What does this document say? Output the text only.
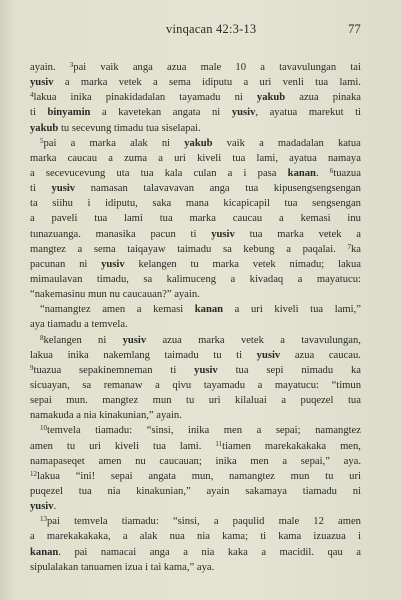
vinqacan 42:3-13	77
ayain. $^3$pai vaik anga azua male 10 a tavavulungan tai
yusiv a marka vetek a sema idiputu a uri venli tua lami.
$^4$lakua inika pinakidadalan tayamadu ni yakub azua pinaka
ti binyamin a kavetekan angata ni yusiv, ayatua marekut ti
yakub
tu
secevung
timadu
tua
siselapai.
$^5$pai a marka alak ni yakub vaik a madadalan katua
marka caucau a zuma a uri kiveli tua lami, ayatua namaya
a secevucevung uta tua kala culan a i pasa kanan. $^6$tuazua
ti yusiv namasan talavavavan anga tua kipusengsengsengan
ta siihu i idiputu, saka mana kicapicapil tua sengsengan
a paveli tua lami tua marka caucau a kemasi inu
tunazuanga. manasika pacun ti yusiv tua marka vetek a
mangtez a sema taiqayaw taimadu sa kebung a paqalai. $^7$ka
pacunan ni yusiv kelangen tu marka vetek nimadu; lakua
mimaulavan timadu, sa kalimuceng a kivadaq a mayatucu:
“nakemasinu
mun
nu
caucauan?”
ayain.
“namangtez amen a kemasi kanan a uri kiveli tua lami,”
aya
tiamadu
a
temvela.
$^8$kelangen ni yusiv azua marka vetek a tavavulungan,
lakua inika nakemlang taimadu tu ti yusiv azua caucau.
$^9$tuazua sepakinemneman ti yusiv tua sepi nimadu ka
sicuayan, sa remanaw a qivu tayamadu a mayatucu: “timun
sepai mun. mangtez mun tu uri kilaluai a puqezel tua
namakuda
a
nia
kinakunian,”
ayain.
$^{10}$temvela tiamadu: “sinsi, inika men a sepai; namangtez
amen tu uri kiveli tua lami. $^{11}$tiamen marekakakaka men,
namapaseqet amen nu caucauan; inika men a sepai,” aya.
$^{12}$lakua “ini! sepai angata mun, namangtez mun tu uri
puqezel tua nia kinakunian,” ayain sakamaya tiamadu ni
yusiv.
$^{13}$pai temvela tiamadu: “sinsi, a paqulid male 12 amen
a marekakakaka, a alak nua nia kama; ti kama izuazua i
kanan. pai namacai anga a nia kaka a macidil. qau a
sipulalakan
tanuamen
izua
i
tai
kama,”
aya.
